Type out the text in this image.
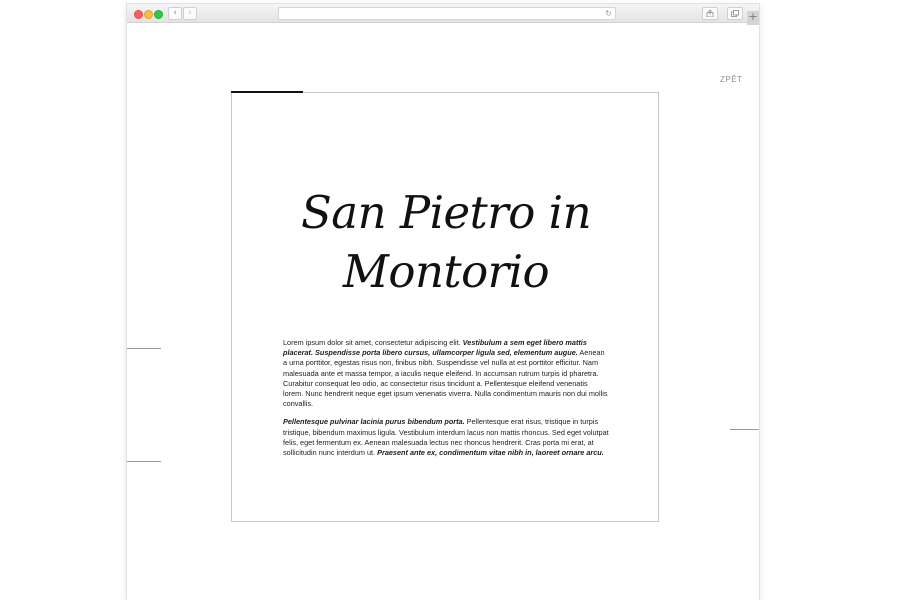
‹	›	↻	+
ZPĚT
San Pietro in
Montorio

Lorem ipsum dolor sit amet, consectetur adipiscing elit. Vestibulum a sem eget libero mattis placerat. Suspendisse porta libero cursus, ullamcorper ligula sed, elementum augue. Aenean a urna porttitor, egestas risus non, finibus nibh. Suspendisse vel nulla at est porttitor efficitur. Nam malesuada ante et massa tempor, a iaculis neque eleifend. In accumsan rutrum turpis id pharetra. Curabitur consequat leo odio, ac consectetur risus tincidunt a. Pellentesque eleifend venenatis lorem. Nunc hendrerit neque eget ipsum venenatis viverra. Nulla condimentum mauris non dui mollis convallis.

Pellentesque pulvinar lacinia purus bibendum porta. Pellentesque erat risus, tristique in turpis tristique, bibendum maximus ligula. Vestibulum interdum lacus non mattis rhoncus. Sed eget volutpat felis, eget fermentum ex. Aenean malesuada lectus nec rhoncus hendrerit. Cras porta mi erat, at sollicitudin nunc interdum ut. Praesent ante ex, condimentum vitae nibh in, laoreet ornare arcu.
